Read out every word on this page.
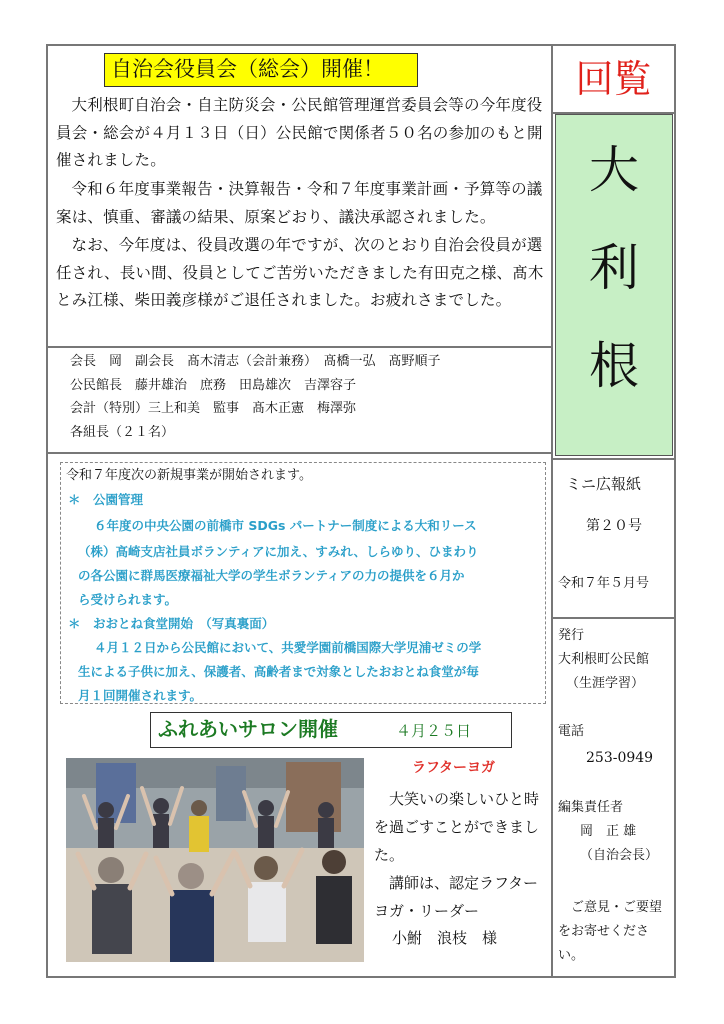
自治会役員会（総会）開催！

大利根町自治会・自主防災会・公民館管理運営委員会等の今年度役員会・総会が４月１３日（日）公民館で関係者５０名の参加のもと開催されました。

令和６年度事業報告・決算報告・令和７年度事業計画・予算等の議案は、慎重、審議の結果、原案どおり、議決承認されました。

なお、今年度は、役員改選の年ですが、次のとおり自治会役員が選任され、長い間、役員としてご苦労いただきました有田克之様、髙木とみ江様、柴田義彦様がご退任されました。お疲れさまでした。

会長　岡　副会長　髙木清志（会計兼務）　髙橋一弘　髙野順子
公民館長　藤井雄治　庶務　田島雄次　吉澤容子
会計（特別）三上和美　監事　髙木正憲　梅澤弥
各組長（２１名）
令和７年度次の新規事業が開始されます。
＊　公園管理
６年度の中央公園の前橋市 SDGs パートナー制度による大和リース
（株）高崎支店社員ボランティアに加え、すみれ、しらゆり、ひまわり
の各公園に群馬医療福祉大学の学生ボランティアの力の提供を６月か
ら受けられます。
＊　おおとね食堂開始　（写真裏面）
４月１２日から公民館において、共愛学園前橋国際大学児浦ゼミの学
生による子供に加え、保護者、高齢者まで対象としたおおとね食堂が毎
月１回開催されます。
ふれあいサロン開催	４月２５日
ラフターヨガ

大笑いの楽しいひと時を過ごすことができました。

講師は、認定ラフターヨガ・リーダー

小鮒　浪枝　様
回覧
大
利
根
ミニ広報紙
第２０号
令和７年５月号
発行
大利根町公民館
（生涯学習）
電話
253-0949
編集責任者
岡　正 雄
（自治会長）
ご意見・ご要望をお寄せください。
